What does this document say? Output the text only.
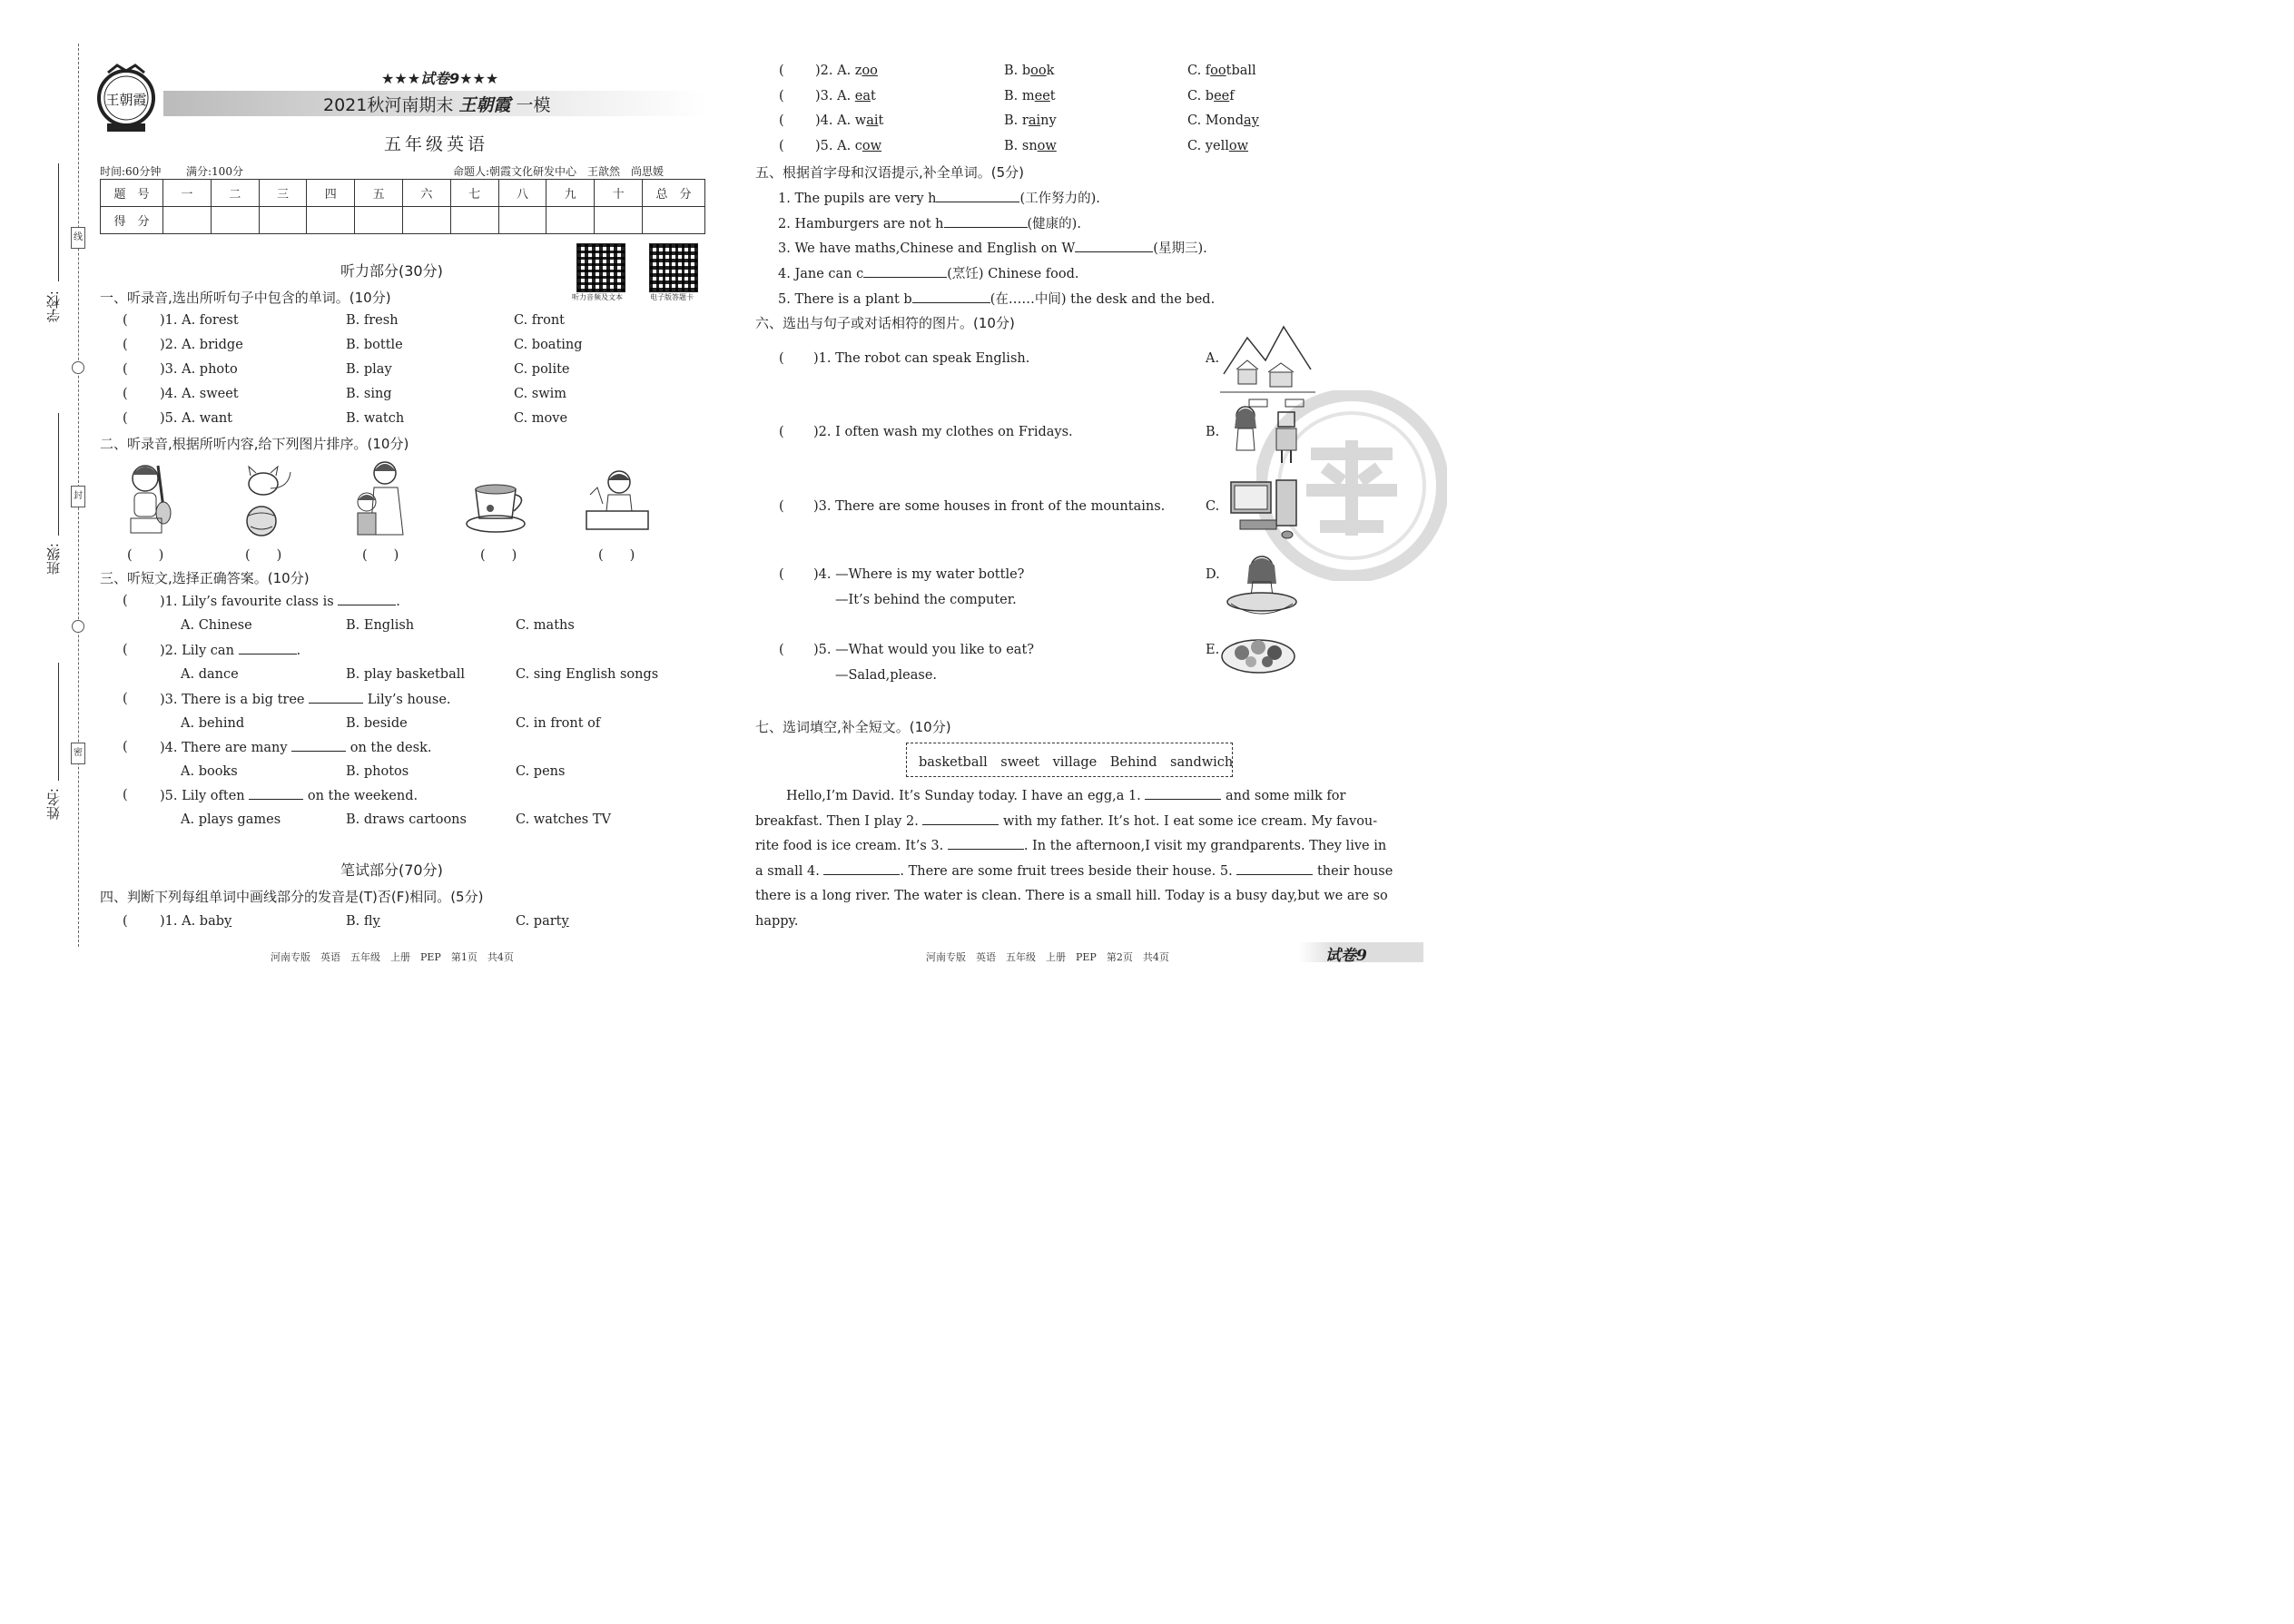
学校:
班级:
姓名:
线
封
密
王朝霞
★★★试卷9★★★
2021秋河南期末 王朝霞 一模
五年级英语
时间:60分钟 满分:100分	命题人:朝霞文化研发中心　王歆然　尚思媛
题　号	一	二	三	四	五	六	七	八	九	十	总　分
得　分											
听力音频及文本	电子版答题卡
听力部分(30分)
一、听录音,选出所听句子中包含的单词。(10分)
( )1. A. forest	B. fresh	C. front
( )2. A. bridge	B. bottle	C. boating
( )3. A. photo	B. play	C. polite
( )4. A. sweet	B. sing	C. swim
( )5. A. want	B. watch	C. move
二、听录音,根据所听内容,给下列图片排序。(10分)
(　　)	(　　)	(　　)	(　　)	(　　)
三、听短文,选择正确答案。(10分)
( )1. Lily’s favourite class is	.
A. Chinese	B. English	C. maths
( )2. Lily can	.
A. dance	B. play basketball	C. sing English songs
( )3. There is a big tree	Lily’s house.
A. behind	B. beside	C. in front of
( )4. There are many	on the desk.
A. books	B. photos	C. pens
( )5. Lily often	on the weekend.
A. plays games	B. draws cartoons	C. watches TV
笔试部分(70分)
四、判断下列每组单词中画线部分的发音是(T)否(F)相同。(5分)
( )1. A. baby	B. fly	C. party
( )2. A. zoo	B. book	C. football
( )3. A. eat	B. meet	C. beef
( )4. A. wait	B. rainy	C. Monday
( )5. A. cow	B. snow	C. yellow
五、根据首字母和汉语提示,补全单词。(5分)
1. The pupils are very h	(工作努力的).
2. Hamburgers are not h	(健康的).
3. We have maths,Chinese and English on W	(星期三).
4. Jane can c	(烹饪) Chinese food.
5. There is a plant b	(在……中间) the desk and the bed.
六、选出与句子或对话相符的图片。(10分)
( )1. The robot can speak English.	A.
( )2. I often wash my clothes on Fridays.	B.
( )3. There are some houses in front of the mountains.	C.
( )4. —Where is my water bottle?
—It’s behind the computer.
D.
( )5. —What would you like to eat?
—Salad,please.
E.
七、选词填空,补全短文。(10分)
basketball　sweet　village　Behind　sandwich
Hello,I’m David. It’s Sunday today. I have an egg,a 1.	and some milk for
breakfast. Then I play 2.	with my father. It’s hot. I eat some ice cream. My favou-
rite food is ice cream. It’s 3.	. In the afternoon,I visit my grandparents. They live in
a small 4.	. There are some fruit trees beside their house. 5.	their house
there is a long river. The water is clean. There is a small hill. Today is a busy day,but we are so
happy.
河南专版　英语　五年级　上册　PEP　第1页　共4页	河南专版　英语　五年级　上册　PEP　第2页　共4页	试卷9
